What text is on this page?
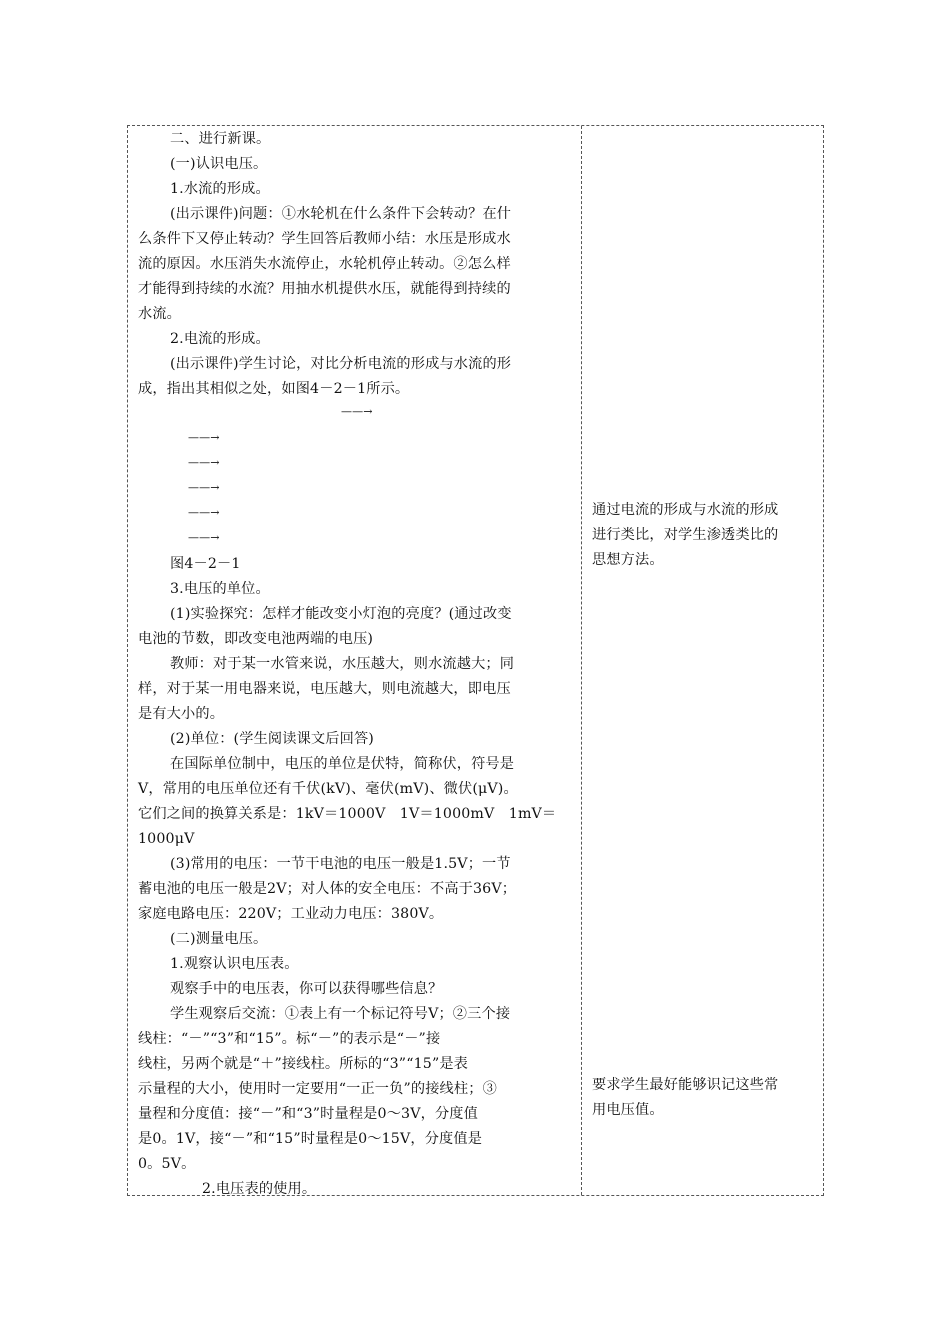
二、进行新课。
(一)认识电压。
1.水流的形成。
(出示课件)问题：①水轮机在什么条件下会转动？在什
么条件下又停止转动？学生回答后教师小结：水压是形成水
流的原因。水压消失水流停止，水轮机停止转动。②怎么样
才能得到持续的水流？用抽水机提供水压，就能得到持续的
水流。
2.电流的形成。
(出示课件)学生讨论，对比分析电流的形成与水流的形
成，指出其相似之处，如图4－2－1所示。
——→
——→
——→
——→
——→
——→
图4－2－1
3.电压的单位。
(1)实验探究：怎样才能改变小灯泡的亮度？(通过改变
电池的节数，即改变电池两端的电压)
教师：对于某一水管来说，水压越大，则水流越大；同
样，对于某一用电器来说，电压越大，则电流越大，即电压
是有大小的。
(2)单位：(学生阅读课文后回答)
在国际单位制中，电压的单位是伏特，简称伏，符号是
V，常用的电压单位还有千伏(kV)、毫伏(mV)、微伏(μV)。
它们之间的换算关系是：1kV＝1000V　1V＝1000mV　1mV＝
1000μV
(3)常用的电压：一节干电池的电压一般是1.5V；一节
蓄电池的电压一般是2V；对人体的安全电压：不高于36V；
家庭电路电压：220V；工业动力电压：380V。
(二)测量电压。
1.观察认识电压表。
观察手中的电压表，你可以获得哪些信息？
学生观察后交流：①表上有一个标记符号V；②三个接
线柱：“－”“3”和“15”。标“－”的表示是“－”接
线柱，另两个就是“＋”接线柱。所标的“3”“15”是表
示量程的大小，使用时一定要用“一正一负”的接线柱；③
量程和分度值：接“－”和“3”时量程是0～3V，分度值
是0。1V，接“－”和“15”时量程是0～15V，分度值是
0。5V。
2.电压表的使用。
通过电流的形成与水流的形成
进行类比，对学生渗透类比的
思想方法。
要求学生最好能够识记这些常
用电压值。
